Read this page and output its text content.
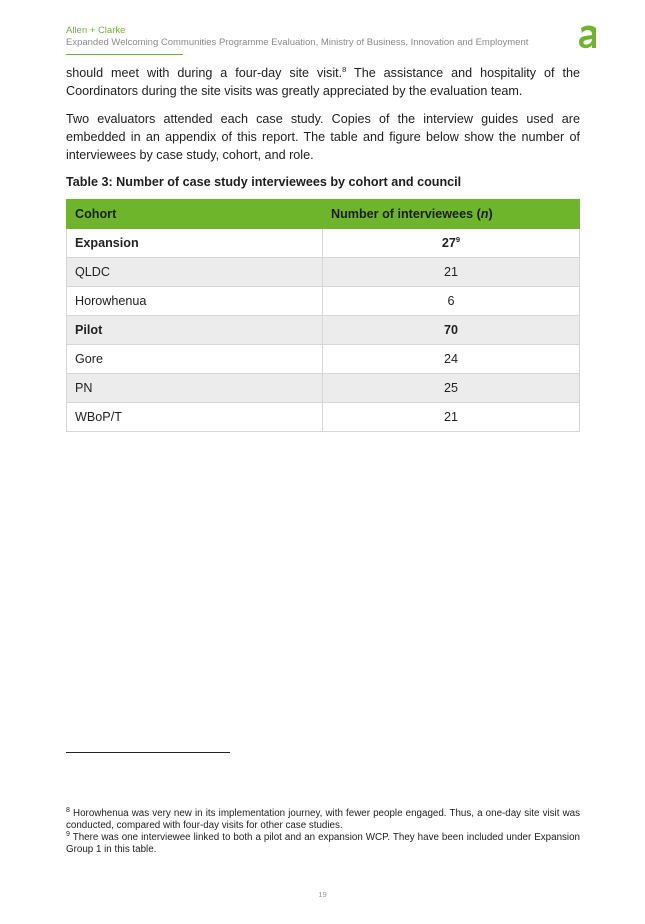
Allen + Clarke
Expanded Welcoming Communities Programme Evaluation, Ministry of Business, Innovation and Employment
should meet with during a four-day site visit.$^8$ The assistance and hospitality of the Coordinators during the site visits was greatly appreciated by the evaluation team.
Two evaluators attended each case study. Copies of the interview guides used are embedded in an appendix of this report. The table and figure below show the number of interviewees by case study, cohort, and role.
Table 3: Number of case study interviewees by cohort and council
Cohort	Number of interviewees (n)
Expansion	$27^9$
QLDC	21
Horowhenua	6
Pilot	70
Gore	24
PN	25
WBoP/T	21

$^8$ Horowhenua was very new in its implementation journey, with fewer people engaged. Thus, a one-day site visit was conducted, compared with four-day visits for other case studies.

$^9$ There was one interviewee linked to both a pilot and an expansion WCP. They have been included under Expansion Group 1 in this table.

19
